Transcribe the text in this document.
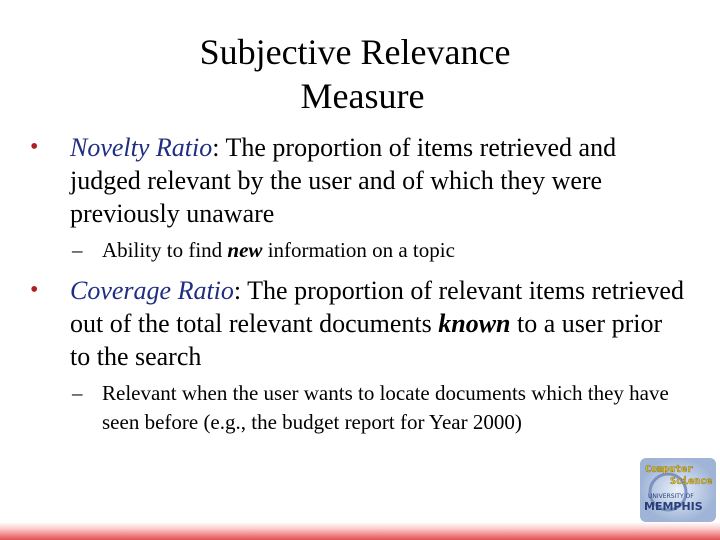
Subjective Relevance
Measure
• Novelty Ratio: The proportion of items retrieved and judged relevant by the user and of which they were previously unaware
– Ability to find new information on a topic
• Coverage Ratio: The proportion of relevant items retrieved out of the total relevant documents known to a user prior to the search
– Relevant when the user wants to locate documents which they have seen before (e.g., the budget report for Year 2000)
Computer
Science
UNIVERSITY OF
MEMPHIS
